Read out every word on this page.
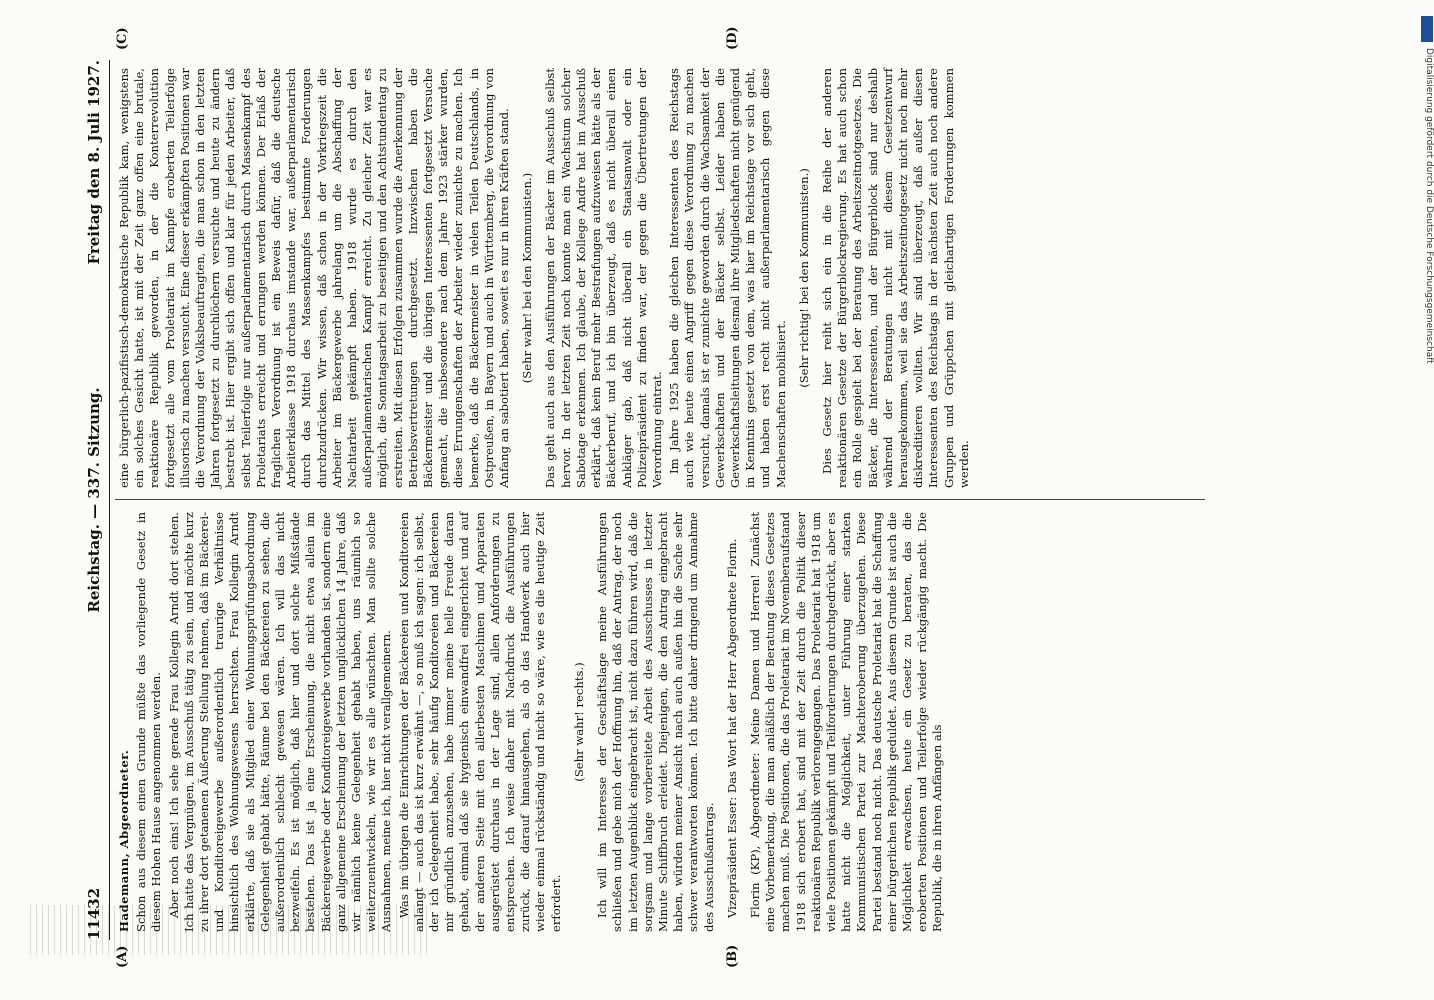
11432
Reichstag. — 337. Sitzung.
Freitag den 8. Juli 1927.
(A)	(B)
(C)	(D)

Hademann, Abgeordneter. Schon aus diesem einen Grunde müßte das vorliegende Gesetz in diesem Hohen Hause angenommen werden. Aber noch eins! Ich sehe gerade Frau Kollegin Arndt dort stehen. Ich hatte das Vergnügen, im Ausschuß tätig zu sein, und möchte kurz zu ihrer dort getanenen Äußerung Stellung nehmen, daß im Bäckerei- und Konditoreigewerbe außerordentlich traurige Verhältnisse hinsichtlich des Wohnungswesens herrschten. Frau Kollegin Arndt erklärte, daß sie als Mitglied einer Wohnungsprüfungsabordnung Gelegenheit gehabt hätte, Räume bei den Bäckereien zu sehen, die außerordentlich schlecht gewesen wären. Ich will das nicht bezweifeln. Es ist möglich, daß hier und dort solche Mißstände bestehen. Das ist ja eine Erscheinung, die nicht etwa allein im Bäckereigewerbe oder Konditoreigewerbe vorhanden ist, sondern eine ganz allgemeine Erscheinung der letzten unglücklichen 14 Jahre, daß wir nämlich keine Gelegenheit gehabt haben, uns räumlich so weiterzuentwickeln, wie wir es alle wünschten. Man sollte solche Ausnahmen, meine ich, hier nicht verallgemeinern. Was im übrigen die Einrichtungen der Bäckereien und Konditoreien anlangt — auch das ist kurz erwähnt —, so muß ich sagen: ich selbst, der ich Gelegenheit habe, sehr häufig Konditoreien und Bäckereien mir gründlich anzusehen, habe immer meine helle Freude daran gehabt, einmal daß sie hygienisch einwandfrei eingerichtet und auf der anderen Seite mit den allerbesten Maschinen und Apparaten ausgerüstet durchaus in der Lage sind, allen Anforderungen zu entsprechen. Ich weise daher mit Nachdruck die Ausführungen zurück, die darauf hinausgehen, als ob das Handwerk auch hier wieder einmal rückständig und nicht so wäre, wie es die heutige Zeit erfordert.

(Sehr wahr! rechts.) Ich will im Interesse der Geschäftslage meine Ausführungen schließen und gebe mich der Hoffnung hin, daß der Antrag, der noch im letzten Augenblick eingebracht ist, nicht dazu führen wird, daß die sorgsam und lange vorbereitete Arbeit des Ausschusses in letzter Minute Schiffbruch erleidet. Diejenigen, die den Antrag eingebracht haben, würden meiner Ansicht nach auch außen hin die Sache sehr schwer verantworten können. Ich bitte daher dringend um Annahme des Ausschußantrags. Vizepräsident Esser: Das Wort hat der Herr Abgeordnete Florin. Florin (KP), Abgeordneter: Meine Damen und Herren! Zunächst eine Vorbemerkung, die man anläßlich der Beratung dieses Gesetzes machen muß. Die Positionen, die das Proletariat im Novemberaufstand 1918 sich erobert hat, sind mit der Zeit durch die Politik dieser reaktionären Republik verlorengegangen. Das Proletariat hat 1918 um viele Positionen gekämpft und Teilforderungen durchgedrückt, aber es hatte nicht die Möglichkeit, unter Führung einer starken Kommunistischen Partei zur Machteroberung überzugehen. Diese Partei bestand noch nicht. Das deutsche Proletariat hat die Schaffung einer bürgerlichen Republik geduldet. Aus diesem Grunde ist auch die Möglichkeit erwachsen, heute ein Gesetz zu beraten, das die eroberten Positionen und Teilerfolge wieder rückgängig macht. Die Republik, die in ihren Anfängen als

eine bürgerlich-pazifistisch-demokratische Republik kam, wenigstens ein solches Gesicht hatte, ist mit der Zeit ganz offen eine brutale, reaktionäre Republik geworden, in der die Konterrevolution fortgesetzt alle vom Proletariat im Kampfe eroberten Teilerfolge illusorisch zu machen versucht. Eine dieser erkämpften Positionen war die Verordnung der Volksbeauftragten, die man schon in den letzten Jahren fortgesetzt zu durchlöchern versuchte und heute zu ändern bestrebt ist. Hier ergibt sich offen und klar für jeden Arbeiter, daß selbst Teilerfolge nur außerparlamentarisch durch Massenkampf des Proletariats erreicht und errungen werden können. Der Erlaß der fraglichen Verordnung ist ein Beweis dafür, daß die deutsche Arbeiterklasse 1918 durchaus imstande war, außerparlamentarisch durch das Mittel des Massenkampfes bestimmte Forderungen durchzudrücken. Wir wissen, daß schon in der Vorkriegszeit die Arbeiter im Bäckergewerbe jahrelang um die Abschaffung der Nachtarbeit gekämpft haben. 1918 wurde es durch den außerparlamentarischen Kampf erreicht. Zu gleicher Zeit war es möglich, die Sonntagsarbeit zu beseitigen und den Achtstundentag zu erstreiten. Mit diesen Erfolgen zusammen wurde die Anerkennung der Betriebsvertretungen durchgesetzt. Inzwischen haben die Bäckermeister und die übrigen Interessenten fortgesetzt Versuche gemacht, die insbesondere nach dem Jahre 1923 stärker wurden, diese Errungenschaften der Arbeiter wieder zunichte zu machen. Ich bemerke, daß die Bäckermeister in vielen Teilen Deutschlands, in Ostpreußen, in Bayern und auch in Württemberg, die Verordnung von Anfang an sabotiert haben, soweit es nur in ihren Kräften stand. (Sehr wahr! bei den Kommunisten.) Das geht auch aus den Ausführungen der Bäcker im Ausschuß selbst hervor. In der letzten Zeit noch konnte man ein Wachstum solcher Sabotage erkennen. Ich glaube, der Kollege Andre hat im Ausschuß erklärt, daß kein Beruf mehr Bestrafungen aufzuweisen hätte als der Bäckerberuf, und ich bin überzeugt, daß es nicht überall einen Ankläger gab, daß nicht überall ein Staatsanwalt oder ein Polizeipräsident zu finden war, der gegen die Übertretungen der Verordnung eintrat. Im Jahre 1925 haben die gleichen Interessenten des Reichstags auch wie heute einen Angriff gegen diese Verordnung zu machen versucht, damals ist er zunichte geworden durch die Wachsamkeit der Gewerkschaften und der Bäcker selbst. Leider haben die Gewerkschaftsleitungen diesmal ihre Mitgliedschaften nicht genügend in Kenntnis gesetzt von dem, was hier im Reichstage vor sich geht, und haben erst recht nicht außerparlamentarisch gegen diese Machenschaften mobilisiert.

(Sehr richtig! bei den Kommunisten.) Dies Gesetz hier reiht sich ein in die Reihe der anderen reaktionären Gesetze der Bürgerblockregierung. Es hat auch schon ein Rolle gespielt bei der Beratung des Arbeitszeitnotgesetzes. Die Bäcker, die Interessenten, und der Bürgerblock sind nur deshalb während der Beratungen nicht mit diesem Gesetzentwurf herausgekommen, weil sie das Arbeitszeitnotgesetz nicht noch mehr diskreditieren wollten. Wir sind überzeugt, daß außer diesen Interessenten des Reichstags in der nächsten Zeit auch noch andere Gruppen und Grüppchen mit gleichartigen Forderungen kommen werden.

Digitalisierung gefördert durch die Deutsche Forschungsgemeinschaft
